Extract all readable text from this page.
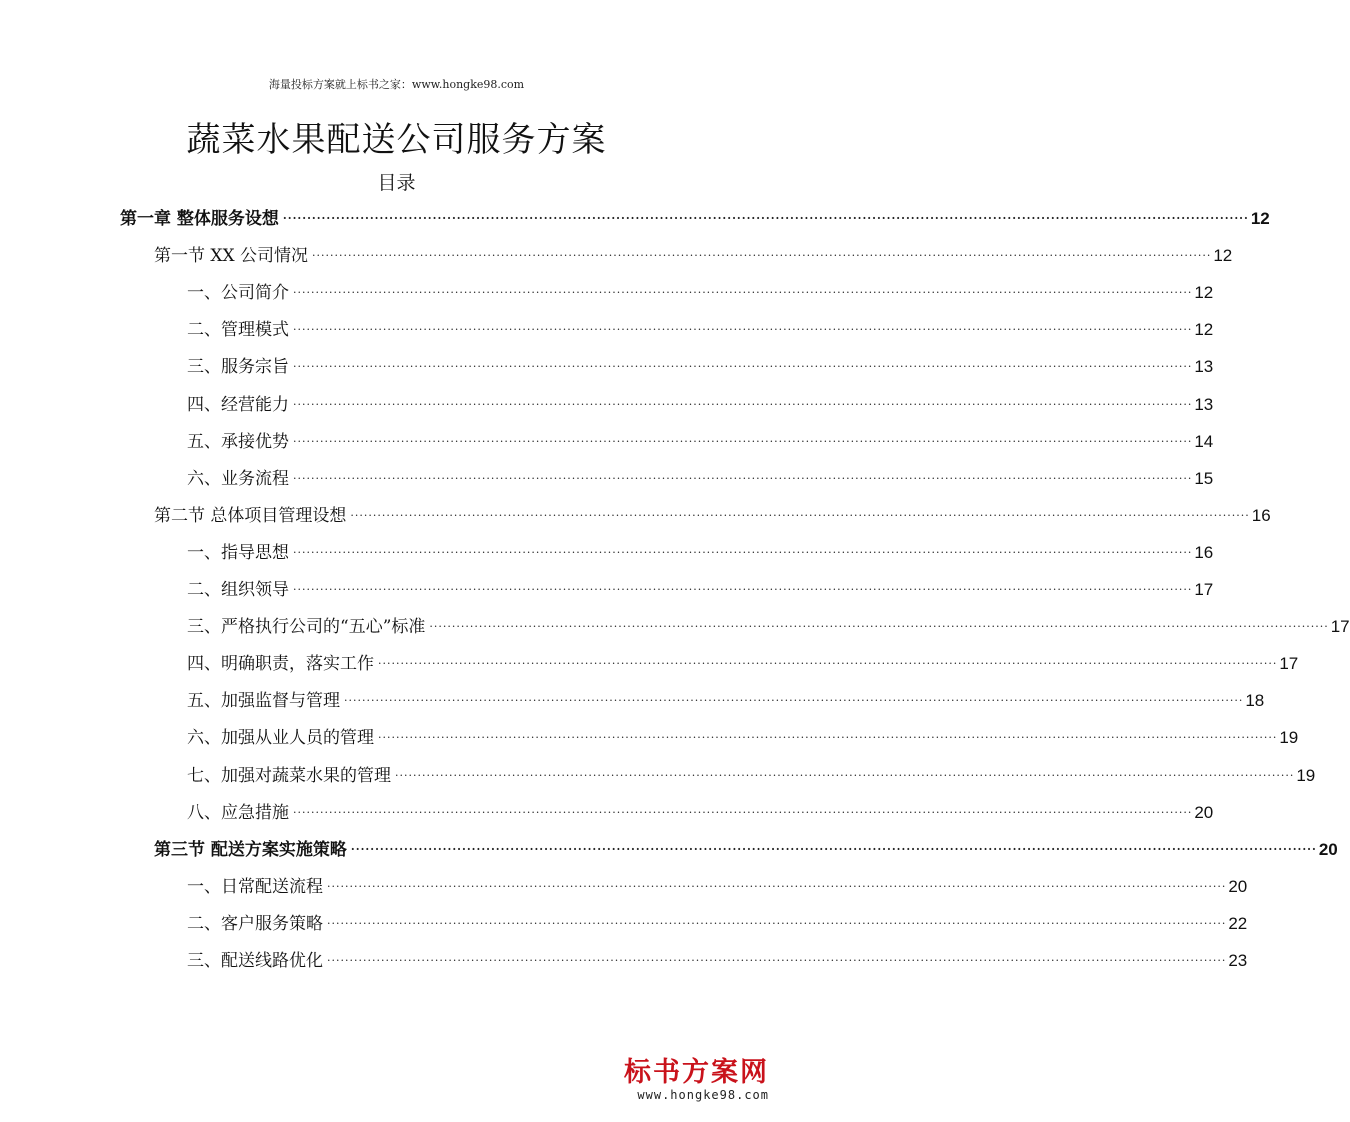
海量投标方案就上标书之家：www.hongke98.com
蔬菜水果配送公司服务方案
目录
第一章 整体服务设想 ········································································································································································································ 12
第一节 XX 公司情况 ········································································································································································································ 12
一、公司简介 ········································································································································································································ 12
二、管理模式 ········································································································································································································ 12
三、服务宗旨 ········································································································································································································ 13
四、经营能力 ········································································································································································································ 13
五、承接优势 ········································································································································································································ 14
六、业务流程 ········································································································································································································ 15
第二节 总体项目管理设想 ········································································································································································································ 16
一、指导思想 ········································································································································································································ 16
二、组织领导 ········································································································································································································ 17
三、严格执行公司的“五心”标准 ········································································································································································································ 17
四、明确职责，落实工作 ········································································································································································································ 17
五、加强监督与管理 ········································································································································································································ 18
六、加强从业人员的管理 ········································································································································································································ 19
七、加强对蔬菜水果的管理 ········································································································································································································ 19
八、应急措施 ········································································································································································································ 20
第三节 配送方案实施策略 ········································································································································································································ 20
一、日常配送流程 ········································································································································································································ 20
二、客户服务策略 ········································································································································································································ 22
三、配送线路优化 ········································································································································································································ 23
标书方案网
www.hongke98.com
